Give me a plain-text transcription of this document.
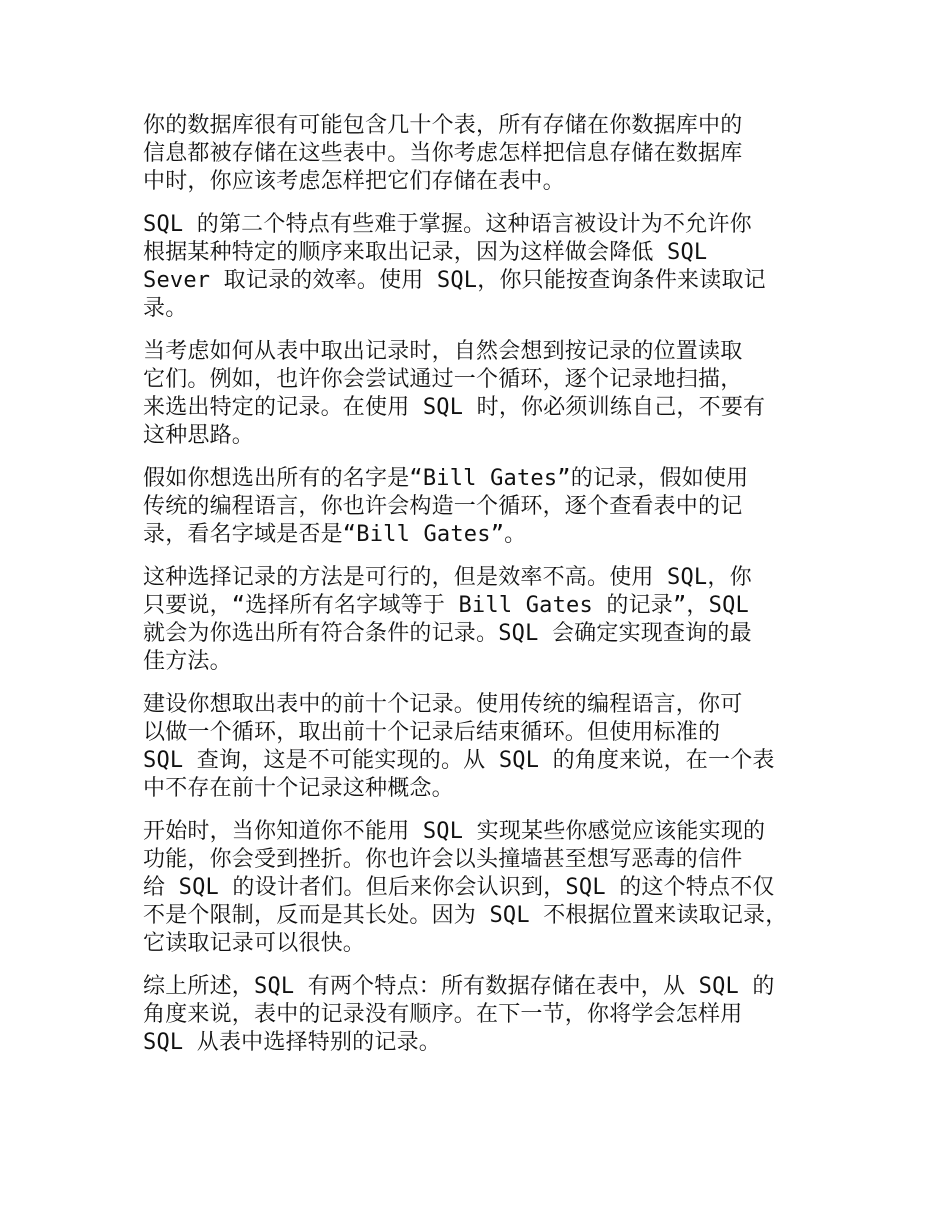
你的数据库很有可能包含几十个表，所有存储在你数据库中的
信息都被存储在这些表中。当你考虑怎样把信息存储在数据库
中时，你应该考虑怎样把它们存储在表中。
SQL 的第二个特点有些难于掌握。这种语言被设计为不允许你
根据某种特定的顺序来取出记录，因为这样做会降低 SQL
Sever 取记录的效率。使用 SQL，你只能按查询条件来读取记
录。
当考虑如何从表中取出记录时，自然会想到按记录的位置读取
它们。例如，也许你会尝试通过一个循环，逐个记录地扫描，
来选出特定的记录。在使用 SQL 时，你必须训练自己，不要有
这种思路。
假如你想选出所有的名字是“Bill Gates”的记录，假如使用
传统的编程语言，你也许会构造一个循环，逐个查看表中的记
录，看名字域是否是“Bill Gates”。
这种选择记录的方法是可行的，但是效率不高。使用 SQL，你
只要说，“选择所有名字域等于 Bill Gates 的记录”，SQL
就会为你选出所有符合条件的记录。SQL 会确定实现查询的最
佳方法。
建设你想取出表中的前十个记录。使用传统的编程语言，你可
以做一个循环，取出前十个记录后结束循环。但使用标准的
SQL 查询，这是不可能实现的。从 SQL 的角度来说，在一个表
中不存在前十个记录这种概念。
开始时，当你知道你不能用 SQL 实现某些你感觉应该能实现的
功能，你会受到挫折。你也许会以头撞墙甚至想写恶毒的信件
给 SQL 的设计者们。但后来你会认识到，SQL 的这个特点不仅
不是个限制，反而是其长处。因为 SQL 不根据位置来读取记录，
它读取记录可以很快。
综上所述，SQL 有两个特点：所有数据存储在表中，从 SQL 的
角度来说，表中的记录没有顺序。在下一节，你将学会怎样用
SQL 从表中选择特别的记录。
